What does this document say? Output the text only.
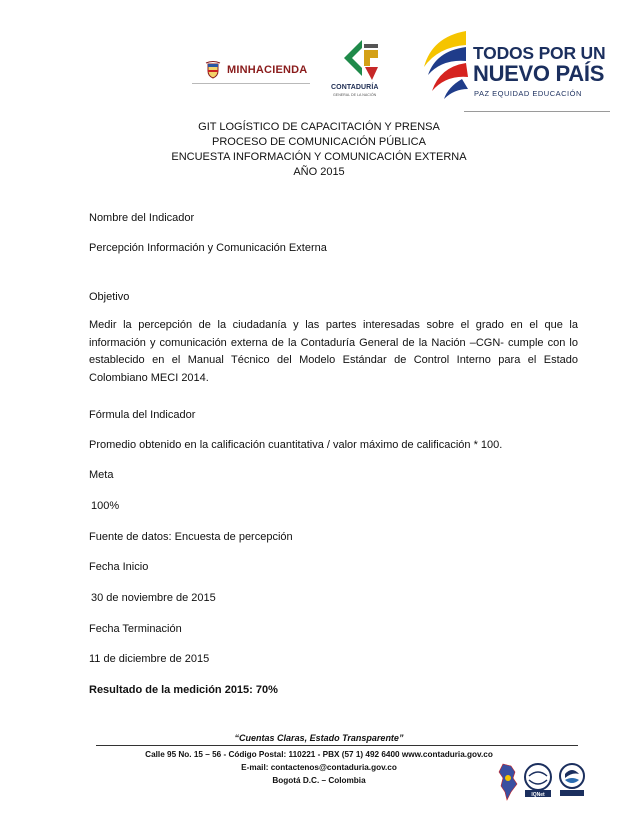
MINHACIENDA
CONTADURÍA
GENERAL DE LA NACIÓN
TODOS POR UN
NUEVO PAÍS
PAZ EQUIDAD EDUCACIÓN
GIT LOGÍSTICO DE CAPACITACIÓN Y PRENSA
PROCESO DE COMUNICACIÓN PÚBLICA
ENCUESTA INFORMACIÓN Y COMUNICACIÓN EXTERNA
AÑO 2015
Nombre del Indicador
Percepción Información y Comunicación Externa
Objetivo
Medir la percepción de la ciudadanía y las partes interesadas sobre el grado en el que la información y comunicación externa de la Contaduría General de la Nación –CGN- cumple con lo establecido en el Manual Técnico del Modelo Estándar de Control Interno para el Estado Colombiano MECI 2014.
Fórmula del Indicador
Promedio obtenido en la calificación cuantitativa / valor máximo de calificación * 100.
Meta
100%
Fuente de datos: Encuesta de percepción
Fecha Inicio
30 de noviembre de 2015
Fecha Terminación
11 de diciembre de 2015
Resultado de la medición 2015: 70%
“Cuentas Claras, Estado Transparente”
Calle 95 No. 15 – 56 - Código Postal: 110221 - PBX (57 1) 492 6400 www.contaduria.gov.co
E-mail: contactenos@contaduria.gov.co
Bogotá D.C. – Colombia
IQNet
